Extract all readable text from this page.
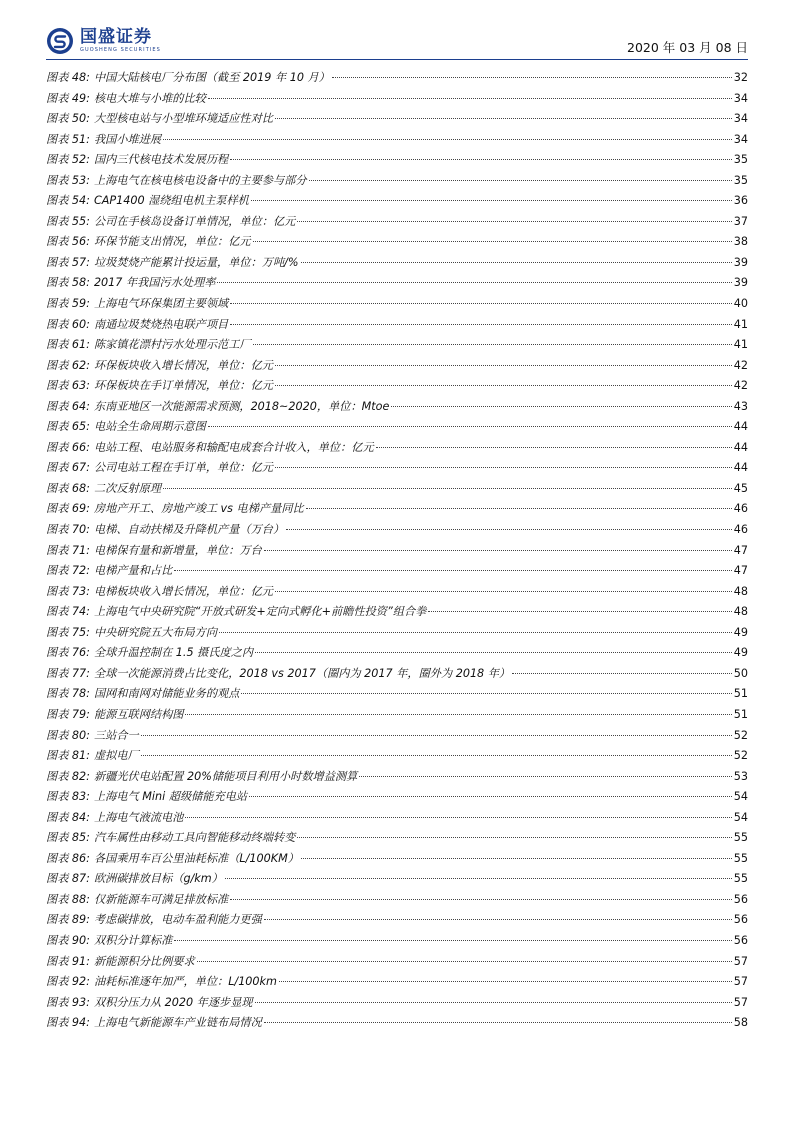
国盛证券
GUOSHENG SECURITIES	2020 年 03 月 08 日
图表 48: 中国大陆核电厂分布图（截至 2019 年 10 月）	32
图表 49: 核电大堆与小堆的比较	34
图表 50: 大型核电站与小型堆环境适应性对比	34
图表 51: 我国小堆进展	34
图表 52: 国内三代核电技术发展历程	35
图表 53: 上海电气在核电核电设备中的主要参与部分	35
图表 54: CAP1400 湿绕组电机主泵样机	36
图表 55: 公司在手核岛设备订单情况，单位：亿元	37
图表 56: 环保节能支出情况，单位：亿元	38
图表 57: 垃圾焚烧产能累计投运量，单位：万吨/%	39
图表 58: 2017 年我国污水处理率	39
图表 59: 上海电气环保集团主要领域	40
图表 60: 南通垃圾焚烧热电联产项目	41
图表 61: 陈家镇花漂村污水处理示范工厂	41
图表 62: 环保板块收入增长情况，单位：亿元	42
图表 63: 环保板块在手订单情况，单位：亿元	42
图表 64: 东南亚地区一次能源需求预测，2018~2020，单位：Mtoe	43
图表 65: 电站全生命周期示意图	44
图表 66: 电站工程、电站服务和输配电成套合计收入，单位：亿元	44
图表 67: 公司电站工程在手订单，单位：亿元	44
图表 68: 二次反射原理	45
图表 69: 房地产开工、房地产竣工 vs 电梯产量同比	46
图表 70: 电梯、自动扶梯及升降机产量（万台）	46
图表 71: 电梯保有量和新增量，单位：万台	47
图表 72: 电梯产量和占比	47
图表 73: 电梯板块收入增长情况，单位：亿元	48
图表 74: 上海电气中央研究院“开放式研发+定向式孵化+前瞻性投资”组合拳	48
图表 75: 中央研究院五大布局方向	49
图表 76: 全球升温控制在 1.5 摄氏度之内	49
图表 77: 全球一次能源消费占比变化，2018 vs 2017（圈内为 2017 年，圈外为 2018 年）	50
图表 78: 国网和南网对储能业务的观点	51
图表 79: 能源互联网结构图	51
图表 80: 三站合一	52
图表 81: 虚拟电厂	52
图表 82: 新疆光伏电站配置 20%储能项目利用小时数增益测算	53
图表 83: 上海电气 Mini 超级储能充电站	54
图表 84: 上海电气液流电池	54
图表 85: 汽车属性由移动工具向智能移动终端转变	55
图表 86: 各国乘用车百公里油耗标准（L/100KM）	55
图表 87: 欧洲碳排放目标（g/km）	55
图表 88: 仅新能源车可满足排放标准	56
图表 89: 考虑碳排放，电动车盈利能力更强	56
图表 90: 双积分计算标准	56
图表 91: 新能源积分比例要求	57
图表 92: 油耗标准逐年加严，单位：L/100km	57
图表 93: 双积分压力从 2020 年逐步显现	57
图表 94: 上海电气新能源车产业链布局情况	58
